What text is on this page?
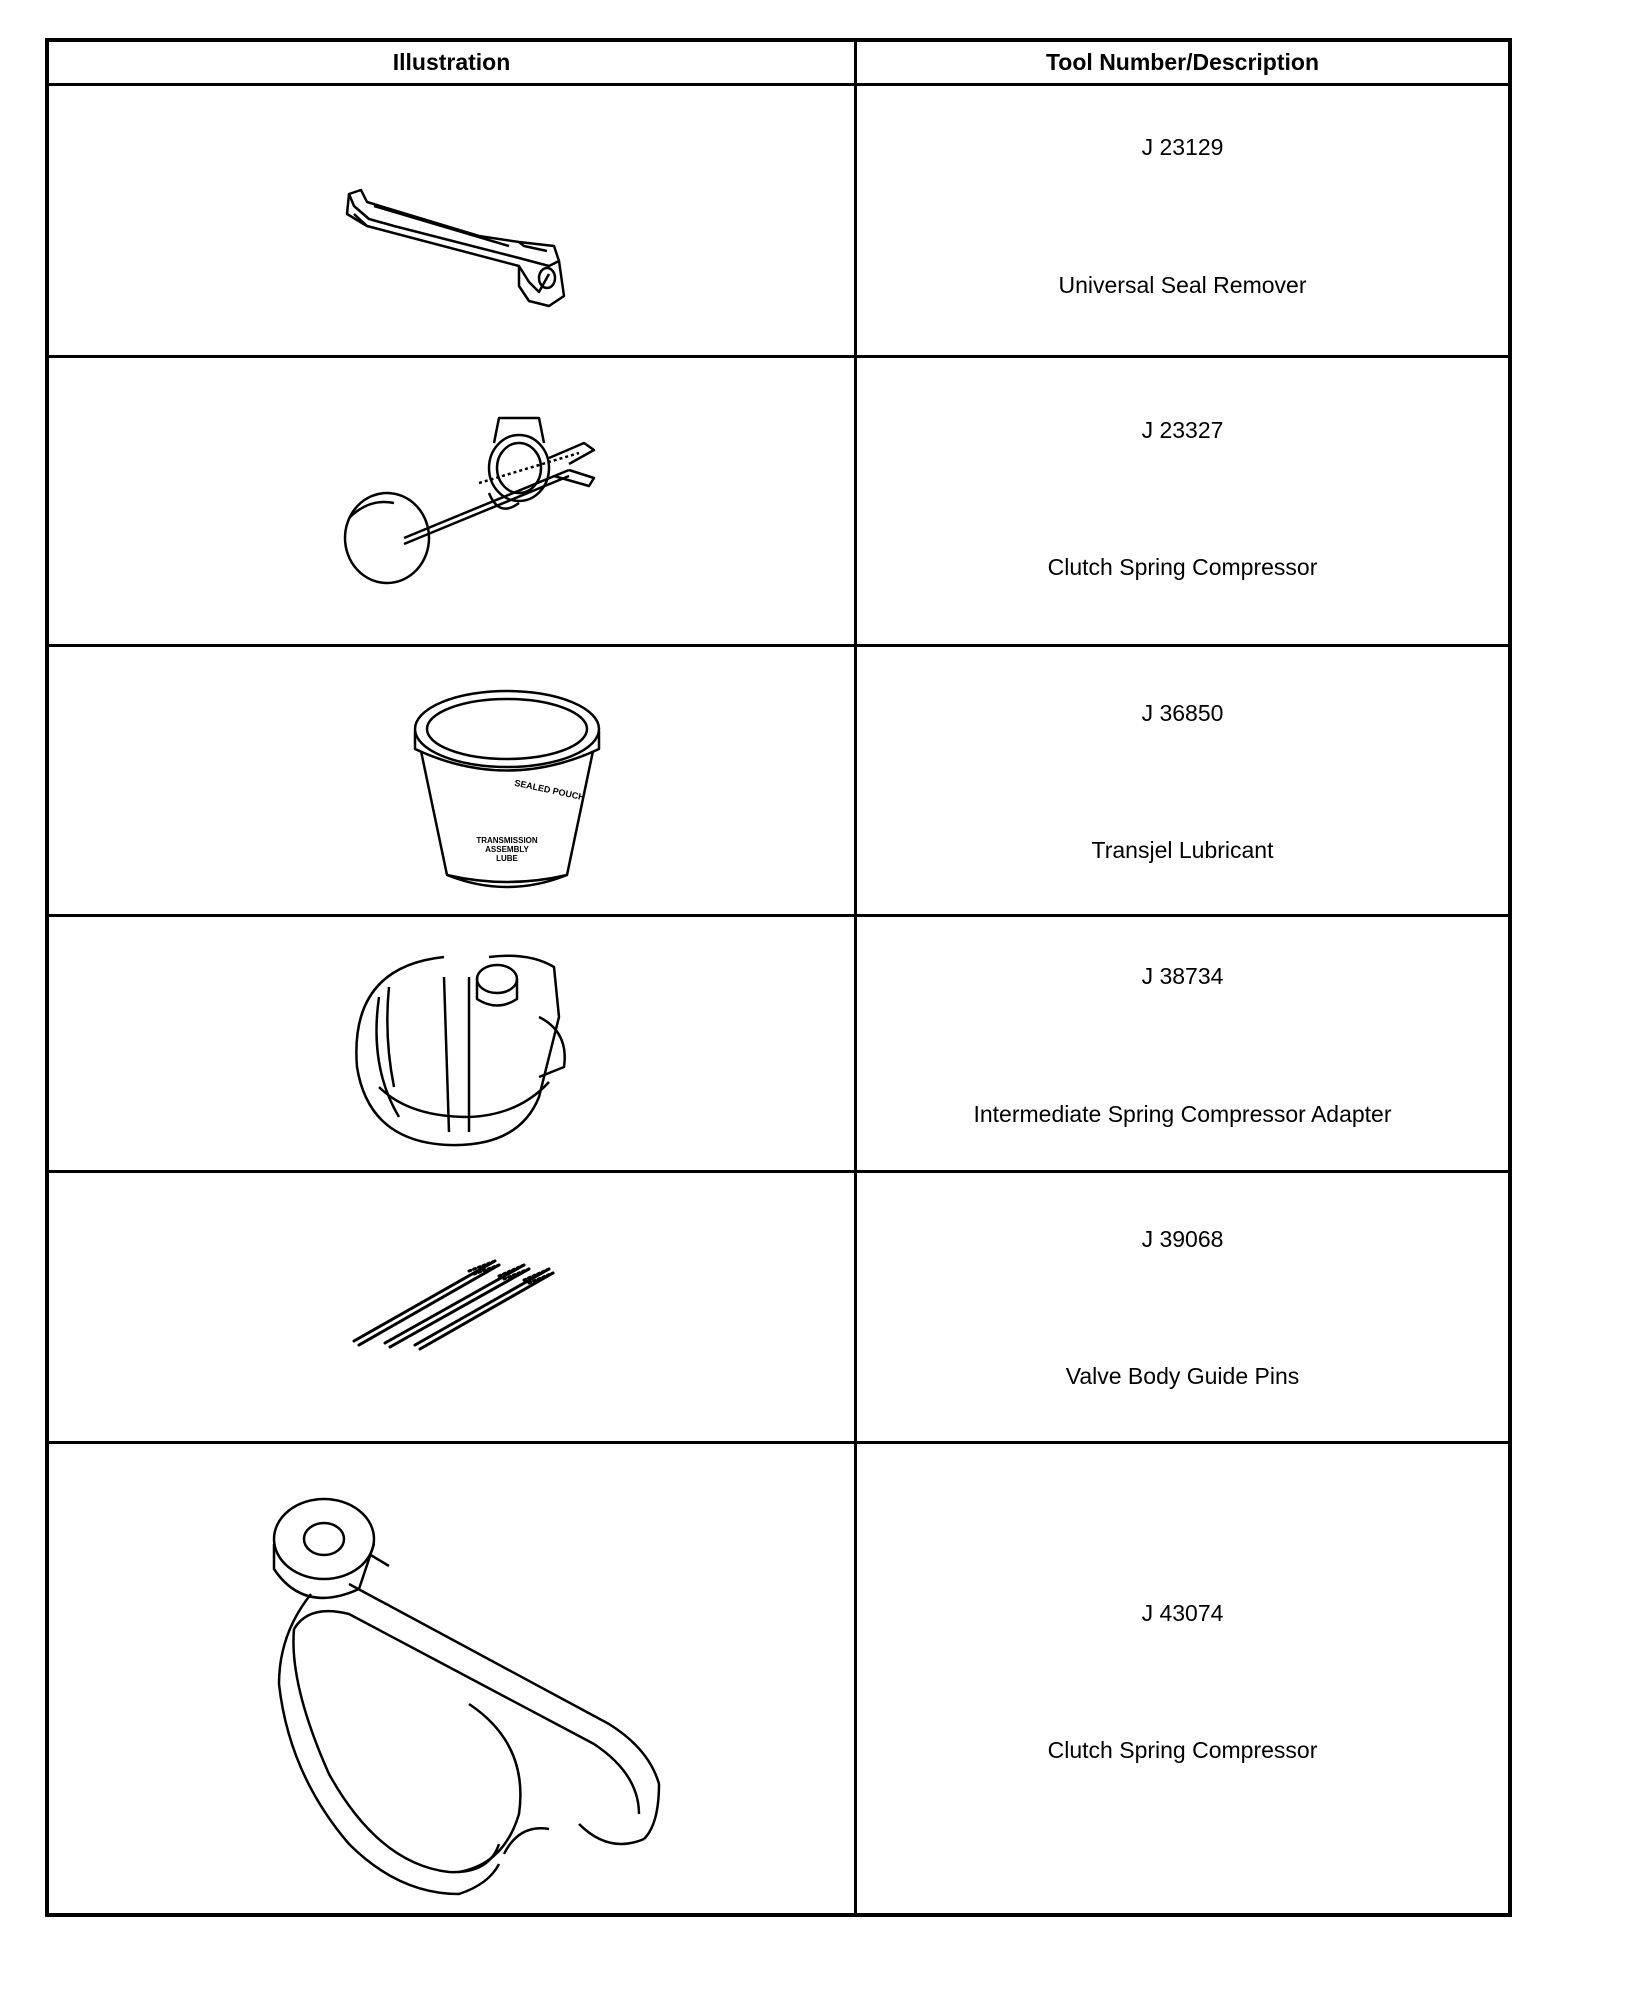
Illustration	Tool Number/Description
J 23129
Universal Seal Remover
J 23327
Clutch Spring Compressor
SEALED POUCH
TRANSMISSION
ASSEMBLY
LUBE
J 36850
Transjel Lubricant
J 38734
Intermediate Spring Compressor Adapter
J 39068
Valve Body Guide Pins
J 43074
Clutch Spring Compressor
